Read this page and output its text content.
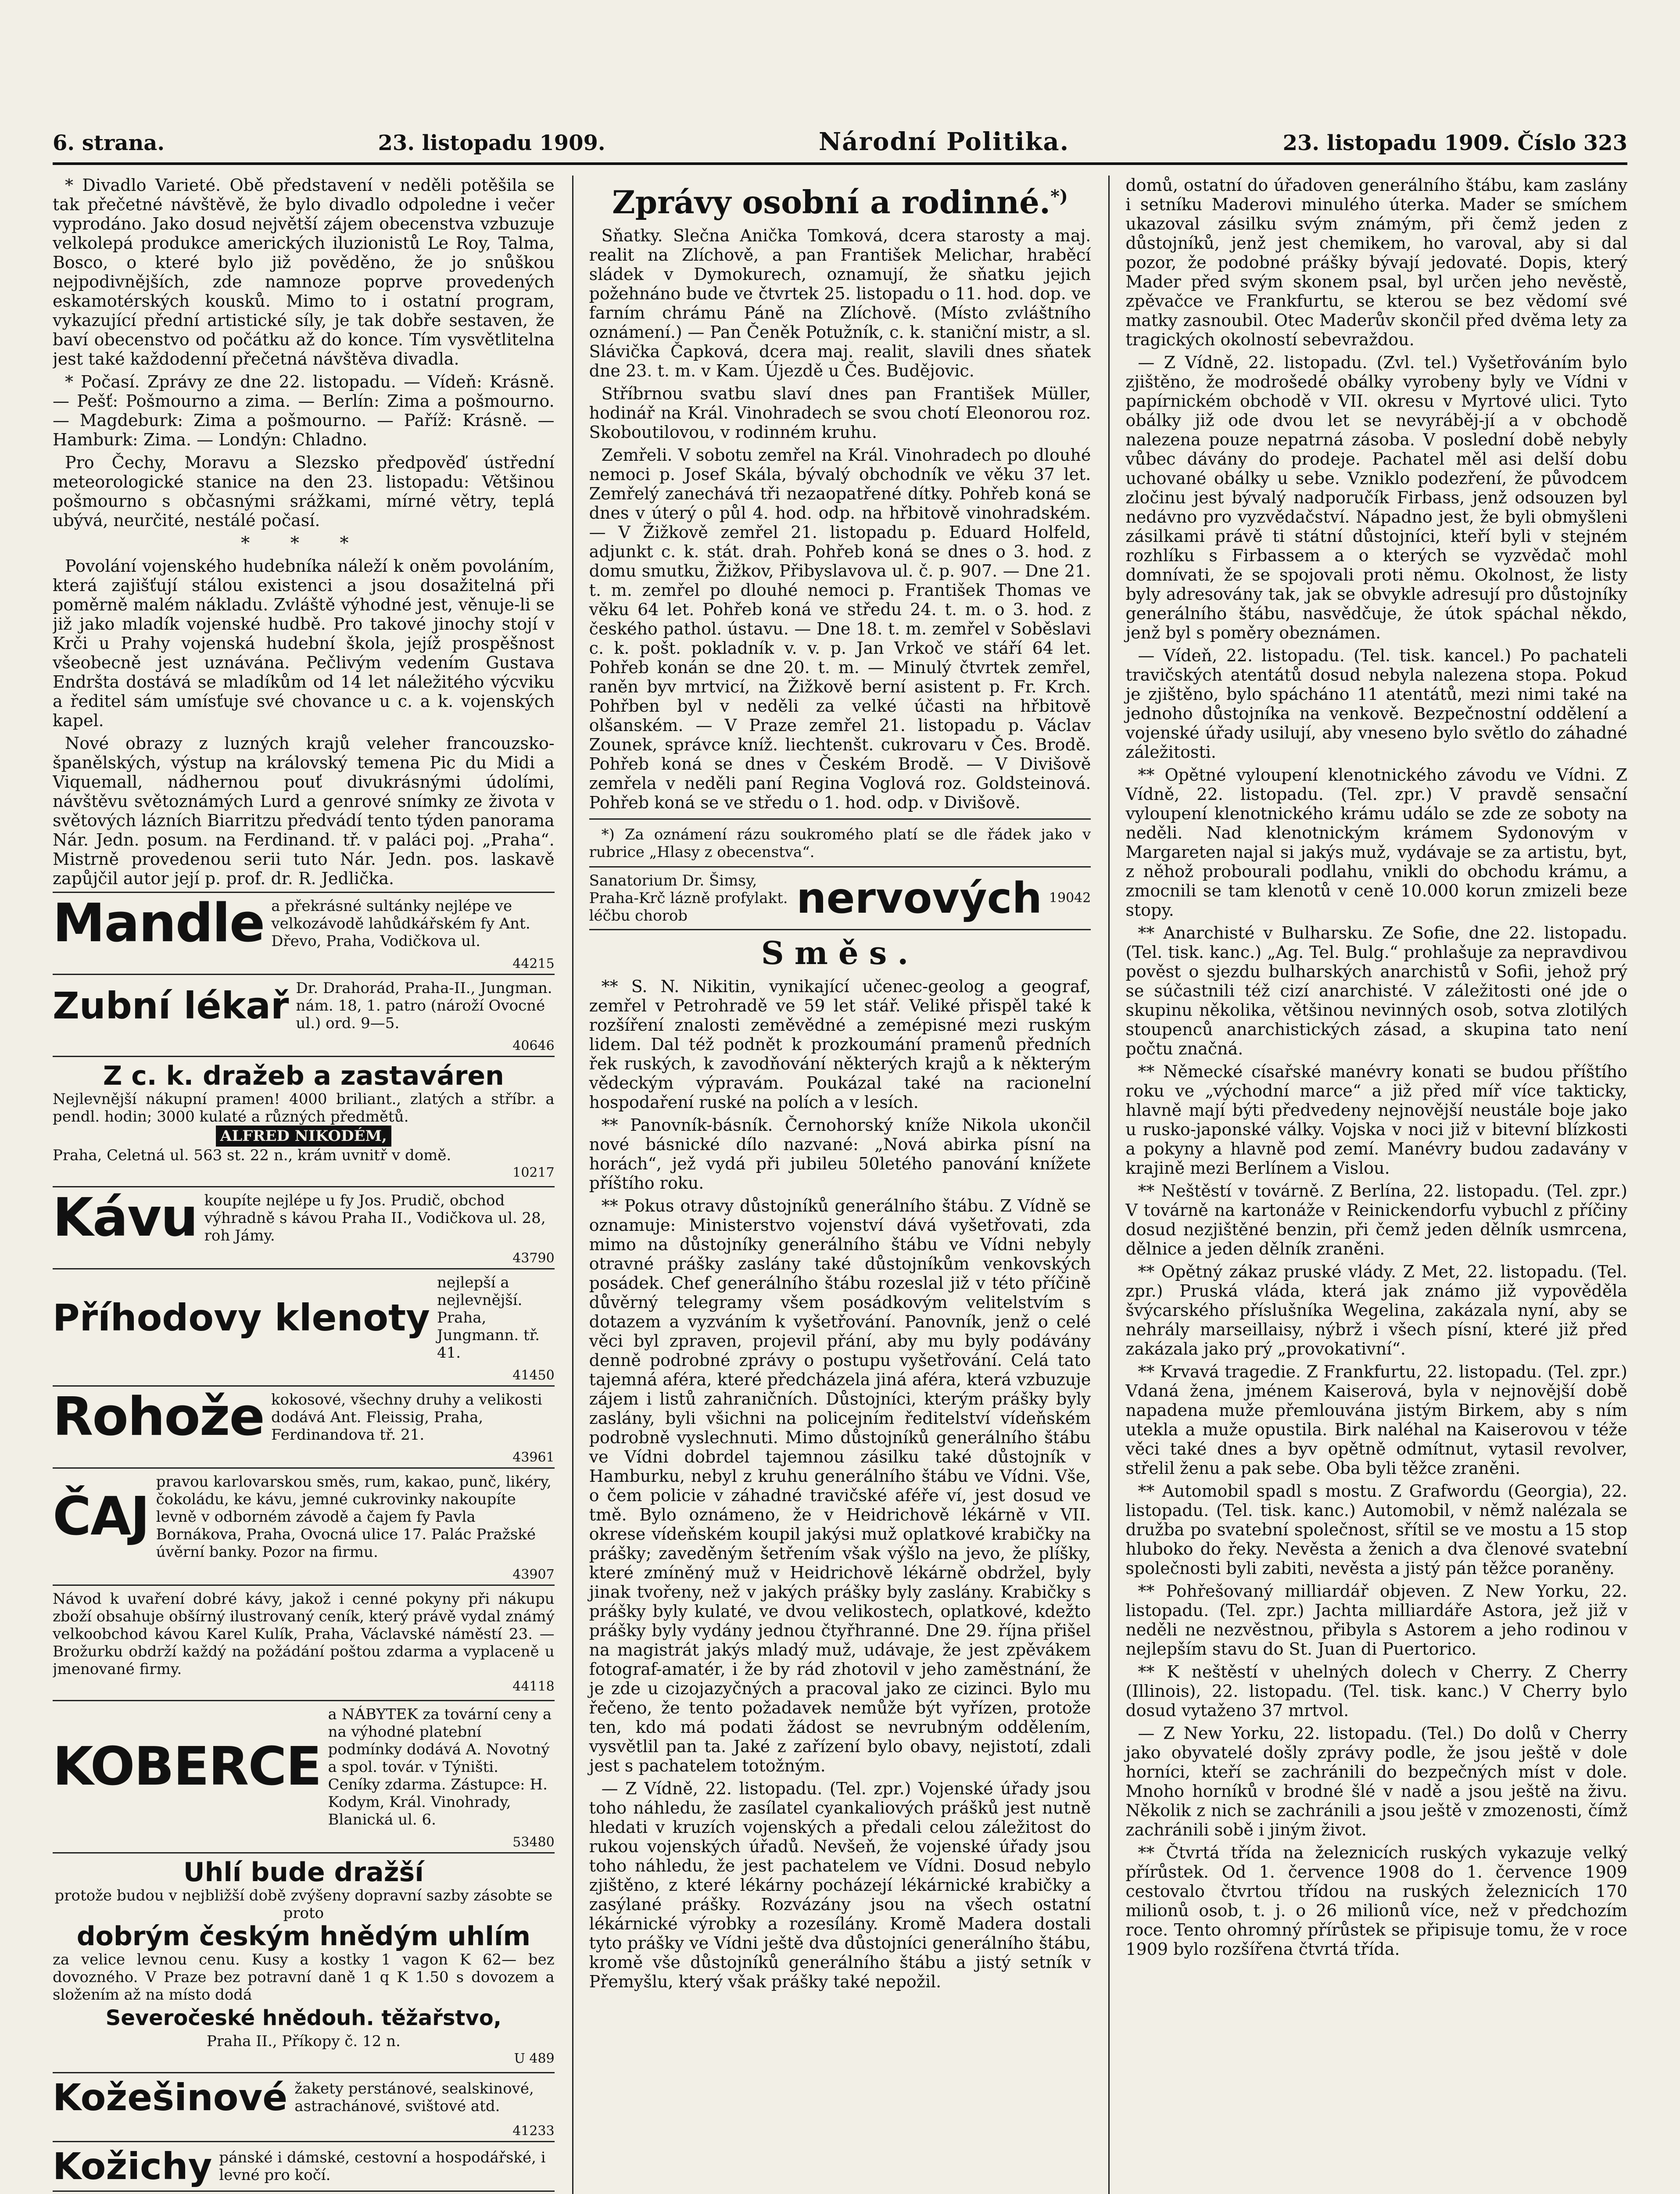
6. strana.	23. listopadu 1909.	Národní Politika.	23. listopadu 1909. Číslo 323

* Divadlo Varieté. Obě představení v neděli potěšila se tak přečetné návštěvě, že bylo divadlo odpoledne i večer vyprodáno. Jako dosud největší zájem obecenstva vzbuzuje velkolepá produkce amerických iluzionistů Le Roy, Talma, Bosco, o které bylo již pověděno, že jo snůškou nejpodivnějších, zde namnoze poprve provedených eskamotérských kousků. Mimo to i ostatní program, vykazující přední artistické síly, je tak dobře sestaven, že baví obecenstvo od počátku až do konce. Tím vysvětlitelna jest také každodenní přečetná návštěva divadla.

* Počasí. Zprávy ze dne 22. listopadu. — Vídeň: Krásně. — Pešť: Pošmourno a zima. — Berlín: Zima a pošmourno. — Magdeburk: Zima a pošmourno. — Paříž: Krásně. — Hamburk: Zima. — Londýn: Chladno.

Pro Čechy, Moravu a Slezsko předpověď ústřední meteorologické stanice na den 23. listopadu: Většinou pošmourno s občasnými srážkami, mírné větry, teplá ubývá, neurčité, nestálé počasí.

* * *

Povolání vojenského hudebníka náleží k oněm povoláním, která zajišťují stálou existenci a jsou dosažitelná při poměrně malém nákladu. Zvláště výhodné jest, věnuje-li se již jako mladík vojenské hudbě. Pro takové jinochy stojí v Krči u Prahy vojenská hudební škola, jejíž prospěšnost všeobecně jest uznávána. Pečlivým vedením Gustava Endršta dostává se mladíkům od 14 let náležitého výcviku a ředitel sám umísťuje své chovance u c. a k. vojenských kapel.

Nové obrazy z luzných krajů veleher francouzsko-španělských, výstup na královský temena Pic du Midi a Viquemall, nádhernou pouť divukrásnými údolími, návštěvu světoznámých Lurd a genrové snímky ze života v světových lázních Biarritzu předvádí tento týden panorama Nár. Jedn. posum. na Ferdinand. tř. v paláci poj. „Praha“. Mistrně provedenou serii tuto Nár. Jedn. pos. laskavě zapůjčil autor její p. prof. dr. R. Jedlička.

Mandle a překrásné sultánky nejlépe ve velkozávodě lahůdkářském fy Ant. Dřevo, Praha, Vodičkova ul.
44215
Zubní lékař Dr. Drahorád, Praha-II., Jungman. nám. 18, 1. patro (nároží Ovocné ul.) ord. 9—5.
40646
Z c. k. dražeb a zastaváren
Nejlevnější nákupní pramen! 4000 briliant., zlatých a stříbr. a pendl. hodin; 3000 kulaté a různých předmětů.
ALFRED NIKODÉM,
Praha, Celetná ul. 563 st. 22 n., krám uvnitř v domě.
10217
Kávu koupíte nejlépe u fy Jos. Prudič, obchod výhradně s kávou Praha II., Vodičkova ul. 28, roh Jámy.
43790
Příhodovy klenoty
nejlepší a nejlevnější. Praha, Jungmann. tř. 41.
41450
Rohože kokosové, všechny druhy a velikosti dodává Ant. Fleissig, Praha, Ferdinandova tř. 21.
43961
ČAJ
pravou karlovarskou směs, rum, kakao, punč, likéry, čokoládu, ke kávu, jemné cukrovinky nakoupíte levně v odborném závodě a čajem fy Pavla Bornákova, Praha, Ovocná ulice 17. Palác Pražské úvěrní banky. Pozor na firmu.
43907
Návod k uvaření dobré kávy, jakož i cenné pokyny při nákupu zboží obsahuje obšírný ilustrovaný ceník, který právě vydal známý velkoobchod kávou Karel Kulík, Praha, Václavské náměstí 23. — Brožurku obdrží každý na požádání poštou zdarma a vyplaceně u jmenované firmy.
44118
KOBERCE
a NÁBYTEK za tovární ceny a na výhodné platební podmínky dodává A. Novotný a spol. továr. v Týništi. Ceníky zdarma. Zástupce: H. Kodym, Král. Vinohrady, Blanická ul. 6.
53480
Uhlí bude dražší
protože budou v nejbližší době zvýšeny dopravní sazby zásobte se proto
dobrým českým hnědým uhlím
za velice levnou cenu. Kusy a kostky 1 vagon K 62— bez dovozného. V Praze bez potravní daně 1 q K 1.50 s dovozem a složením až na místo dodá
Severočeské hnědouh. těžařstvo,
Praha II., Příkopy č. 12 n.
U 489
Kožešinové žakety perstánové, sealskinové, astrachánové, svištové atd.
41233
Kožichy pánské i dámské, cestovní a hospodářské, i levné pro kočí.
Zprávy osobní a rodinné.*)

Sňatky. Slečna Anička Tomková, dcera starosty a maj. realit na Zlíchově, a pan František Melichar, hraběcí sládek v Dymokurech, oznamují, že sňatku jejich požehnáno bude ve čtvrtek 25. listopadu o 11. hod. dop. ve farním chrámu Páně na Zlíchově. (Místo zvláštního oznámení.) — Pan Čeněk Potužník, c. k. staniční mistr, a sl. Slávička Čapková, dcera maj. realit, slavili dnes sňatek dne 23. t. m. v Kam. Újezdě u Čes. Budějovic.

Stříbrnou svatbu slaví dnes pan František Müller, hodinář na Král. Vinohradech se svou chotí Eleonorou roz. Skoboutilovou, v rodinném kruhu.

Zemřeli. V sobotu zemřel na Král. Vinohradech po dlouhé nemoci p. Josef Skála, bývalý obchodník ve věku 37 let. Zemřelý zanechává tři nezaopatřené dítky. Pohřeb koná se dnes v úterý o půl 4. hod. odp. na hřbitově vinohradském. — V Žižkově zemřel 21. listopadu p. Eduard Holfeld, adjunkt c. k. stát. drah. Pohřeb koná se dnes o 3. hod. z domu smutku, Žižkov, Přibyslavova ul. č. p. 907. — Dne 21. t. m. zemřel po dlouhé nemoci p. František Thomas ve věku 64 let. Pohřeb koná ve středu 24. t. m. o 3. hod. z českého pathol. ústavu. — Dne 18. t. m. zemřel v Soběslavi c. k. pošt. pokladník v. v. p. Jan Vrkoč ve stáří 64 let. Pohřeb konán se dne 20. t. m. — Minulý čtvrtek zemřel, raněn byv mrtvicí, na Žižkově berní asistent p. Fr. Krch. Pohřben byl v neděli za velké účasti na hřbitově olšanském. — V Praze zemřel 21. listopadu p. Václav Zounek, správce kníž. liechtenšt. cukrovaru v Čes. Brodě. Pohřeb koná se dnes v Českém Brodě. — V Divišově zemřela v neděli paní Regina Voglová roz. Goldsteinová. Pohřeb koná se ve středu o 1. hod. odp. v Divišově.

*) Za oznámení rázu soukromého platí se dle řádek jako v rubrice „Hlasy z obecenstva“.

Sanatorium Dr. Šimsy, Praha-Krč lázně profylakt. léčbu chorob	nervových 19042
Směs.

** S. N. Nikitin, vynikající učenec-geolog a geograf, zemřel v Petrohradě ve 59 let stář. Veliké přispěl také k rozšíření znalosti zeměvědné a zemépisné mezi ruským lidem. Dal též podnět k prozkoumání pramenů předních řek ruských, k zavodňování některých krajů a k některým vědeckým výpravám. Poukázal také na racionelní hospodaření ruské na polích a v lesích.

** Panovník-básník. Černohorský kníže Nikola ukončil nové básnické dílo nazvané: „Nová abirka písní na horách“, jež vydá při jubileu 50letého panování knížete příštího roku.

** Pokus otravy důstojníků generálního štábu. Z Vídně se oznamuje: Ministerstvo vojenství dává vyšetřovati, zda mimo na důstojníky generálního štábu ve Vídni nebyly otravné prášky zaslány také důstojníkům venkovských posádek. Chef generálního štábu rozeslal již v této příčině důvěrný telegramy všem posádkovým velitelstvím s dotazem a vyzváním k vyšetřování. Panovník, jenž o celé věci byl zpraven, projevil přání, aby mu byly podávány denně podrobné zprávy o postupu vyšetřování. Celá tato tajemná aféra, které předcházela jiná aféra, která vzbuzuje zájem i listů zahraničních. Důstojníci, kterým prášky byly zaslány, byli všichni na policejním ředitelství vídeňském podrobně vyslechnuti. Mimo důstojníků generálního štábu ve Vídni dobrdel tajemnou zásilku také důstojník v Hamburku, nebyl z kruhu generálního štábu ve Vídni. Vše, o čem policie v záhadné travičské aféře ví, jest dosud ve tmě. Bylo oznámeno, že v Heidrichově lékárně v VII. okrese vídeňském koupil jakýsi muž oplatkové krabičky na prášky; zaveděným šetřením však výšlo na jevo, že plíšky, které zmíněný muž v Heidrichově lékárně obdržel, byly jinak tvořeny, než v jakých prášky byly zaslány. Krabičky s prášky byly kulaté, ve dvou velikostech, oplatkové, kdežto prášky byly vydány jednou čtyřhranné. Dne 29. října přišel na magistrát jakýs mladý muž, udávaje, že jest zpěvákem fotograf-amatér, i že by rád zhotovil v jeho zaměstnání, že je zde u cizojazyčných a pracoval jako ze cizinci. Bylo mu řečeno, že tento požadavek nemůže být vyřízen, protože ten, kdo má podati žádost se nevrubným oddělením, vysvětlil pan ta. Jaké z zařízení bylo obavy, nejistotí, zdali jest s pachatelem totožným.

— Z Vídně, 22. listopadu. (Tel. zpr.) Vojenské úřady jsou toho náhledu, že zasílatel cyankaliových prášků jest nutně hledati v kruzích vojenských a předali celou záležitost do rukou vojenských úřadů. Nevšeň, že vojenské úřady jsou toho náhledu, že jest pachatelem ve Vídni. Dosud nebylo zjištěno, z které lékárny pocházejí lékárnické krabičky a zasýlané prášky. Rozvázány jsou na všech ostatní lékárnické výrobky a rozesílány. Kromě Madera dostali tyto prášky ve Vídni ještě dva důstojníci generálního štábu, kromě vše důstojníků generálního štábu a jistý setník v Přemyšlu, který však prášky také nepožil.

domů, ostatní do úřadoven generálního štábu, kam zaslány i setníku Maderovi minulého úterka. Mader se smíchem ukazoval zásilku svým známým, při čemž jeden z důstojníků, jenž jest chemikem, ho varoval, aby si dal pozor, že podobné prášky bývají jedovaté. Dopis, který Mader před svým skonem psal, byl určen jeho nevěstě, zpěvačce ve Frankfurtu, se kterou se bez vědomí své matky zasnoubil. Otec Maderův skončil před dvěma lety za tragických okolností sebevraždou.

— Z Vídně, 22. listopadu. (Zvl. tel.) Vyšetřováním bylo zjištěno, že modrošedé obálky vyrobeny byly ve Vídni v papírnickém obchodě v VII. okresu v Myrtové ulici. Tyto obálky již ode dvou let se nevyráběj-jí a v obchodě nalezena pouze nepatrná zásoba. V poslední době nebyly vůbec dávány do prodeje. Pachatel měl asi delší dobu uchované obálky u sebe. Vzniklo podezření, že původcem zločinu jest bývalý nadporučík Firbass, jenž odsouzen byl nedávno pro vyzvědačství. Nápadno jest, že byli obmyšleni zásilkami právě ti státní důstojníci, kteří byli v stejném rozhlíku s Firbassem a o kterých se vyzvědač mohl domnívati, že se spojovali proti němu. Okolnost, že listy byly adresovány tak, jak se obvykle adresují pro důstojníky generálního štábu, nasvědčuje, že útok spáchal někdo, jenž byl s poměry obeznámen.

— Vídeň, 22. listopadu. (Tel. tisk. kancel.) Po pachateli travičských atentátů dosud nebyla nalezena stopa. Pokud je zjištěno, bylo spácháno 11 atentátů, mezi nimi také na jednoho důstojníka na venkově. Bezpečnostní oddělení a vojenské úřady usilují, aby vneseno bylo světlo do záhadné záležitosti.

** Opětné vyloupení klenotnického závodu ve Vídni. Z Vídně, 22. listopadu. (Tel. zpr.) V pravdě sensační vyloupení klenotnického krámu událo se zde ze soboty na neděli. Nad klenotnickým krámem Sydonovým v Margareten najal si jakýs muž, vydávaje se za artistu, byt, z něhož probourali podlahu, vnikli do obchodu krámu, a zmocnili se tam klenotů v ceně 10.000 korun zmizeli beze stopy.

** Anarchisté v Bulharsku. Ze Sofie, dne 22. listopadu. (Tel. tisk. kanc.) „Ag. Tel. Bulg.“ prohlašuje za nepravdivou pověst o sjezdu bulharských anarchistů v Sofii, jehož prý se súčastnili též cizí anarchisté. V záležitosti oné jde o skupinu několika, většinou nevinných osob, sotva zlotilých stoupenců anarchistických zásad, a skupina tato není počtu značná.

** Německé císařské manévry konati se budou příštího roku ve „východní marce“ a již před míř více takticky, hlavně mají býti předvedeny nejnovější neustále boje jako u rusko-japonské války. Vojska v noci již v bitevní blízkosti a pokyny a hlavně pod zemí. Manévry budou zadavány v krajině mezi Berlínem a Vislou.

** Neštěstí v továrně. Z Berlína, 22. listopadu. (Tel. zpr.) V továrně na kartonáže v Reinickendorfu vybuchl z příčiny dosud nezjištěné benzin, při čemž jeden dělník usmrcena, dělnice a jeden dělník zraněni.

** Opětný zákaz pruské vlády. Z Met, 22. listopadu. (Tel. zpr.) Pruská vláda, která jak známo již vypověděla švýcarského příslušníka Wegelina, zakázala nyní, aby se nehrály marseillaisy, nýbrž i všech písní, které již před zakázala jako prý „provokativní“.

** Krvavá tragedie. Z Frankfurtu, 22. listopadu. (Tel. zpr.) Vdaná žena, jménem Kaiserová, byla v nejnovější době napadena muže přemlouvána jistým Birkem, aby s ním utekla a muže opustila. Birk naléhal na Kaiserovou v téže věci také dnes a byv opětně odmítnut, vytasil revolver, střelil ženu a pak sebe. Oba byli těžce zraněni.

** Automobil spadl s mostu. Z Grafwordu (Georgia), 22. listopadu. (Tel. tisk. kanc.) Automobil, v němž nalézala se družba po svatební společnost, sřítil se ve mostu a 15 stop hluboko do řeky. Nevěsta a ženich a dva členové svatební společnosti byli zabiti, nevěsta a jistý pán těžce poraněny.

** Pohřešovaný milliardář objeven. Z New Yorku, 22. listopadu. (Tel. zpr.) Jachta milliardáře Astora, jež již v neděli ne nezvěstnou, přibyla s Astorem a jeho rodinou v nejlepším stavu do St. Juan di Puertorico.

** K neštěstí v uhelných dolech v Cherry. Z Cherry (Illinois), 22. listopadu. (Tel. tisk. kanc.) V Cherry bylo dosud vytaženo 37 mrtvol.

— Z New Yorku, 22. listopadu. (Tel.) Do dolů v Cherry jako obyvatelé došly zprávy podle, že jsou ještě v dole horníci, kteří se zachránili do bezpečných míst v dole. Mnoho horníků v brodné šlé v nadě a jsou ještě na živu. Několik z nich se zachránili a jsou ještě v zmozenosti, čímž zachránili sobě i jiným život.

** Čtvrtá třída na železnicích ruských vykazuje velký přírůstek. Od 1. července 1908 do 1. července 1909 cestovalo čtvrtou třídou na ruských železnicích 170 milionů osob, t. j. o 26 milionů více, než v předchozím roce. Tento ohromný přírůstek se připisuje tomu, že v roce 1909 bylo rozšířena čtvrtá třída.
